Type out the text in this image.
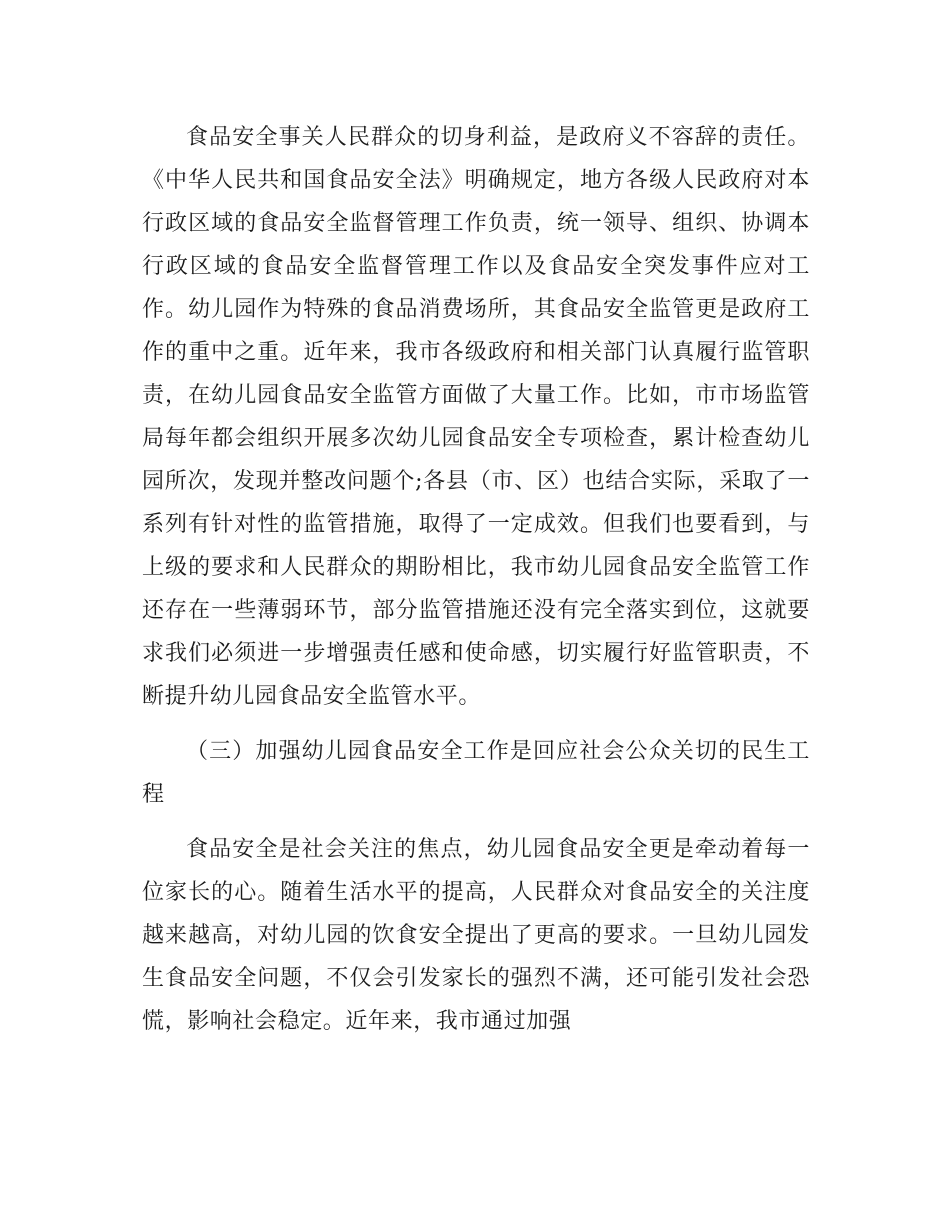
食品安全事关人民群众的切身利益，是政府义不容辞的责任。《中华人民共和国食品安全法》明确规定，地方各级人民政府对本行政区域的食品安全监督管理工作负责，统一领导、组织、协调本行政区域的食品安全监督管理工作以及食品安全突发事件应对工作。幼儿园作为特殊的食品消费场所，其食品安全监管更是政府工作的重中之重。近年来，我市各级政府和相关部门认真履行监管职责，在幼儿园食品安全监管方面做了大量工作。比如，市市场监管局每年都会组织开展多次幼儿园食品安全专项检查，累计检查幼儿园所次，发现并整改问题个;各县（市、区）也结合实际，采取了一系列有针对性的监管措施，取得了一定成效。但我们也要看到，与上级的要求和人民群众的期盼相比，我市幼儿园食品安全监管工作还存在一些薄弱环节，部分监管措施还没有完全落实到位，这就要求我们必须进一步增强责任感和使命感，切实履行好监管职责，不断提升幼儿园食品安全监管水平。

（三）加强幼儿园食品安全工作是回应社会公众关切的民生工程

食品安全是社会关注的焦点，幼儿园食品安全更是牵动着每一位家长的心。随着生活水平的提高，人民群众对食品安全的关注度越来越高，对幼儿园的饮食安全提出了更高的要求。一旦幼儿园发生食品安全问题，不仅会引发家长的强烈不满，还可能引发社会恐慌，影响社会稳定。近年来，我市通过加强
